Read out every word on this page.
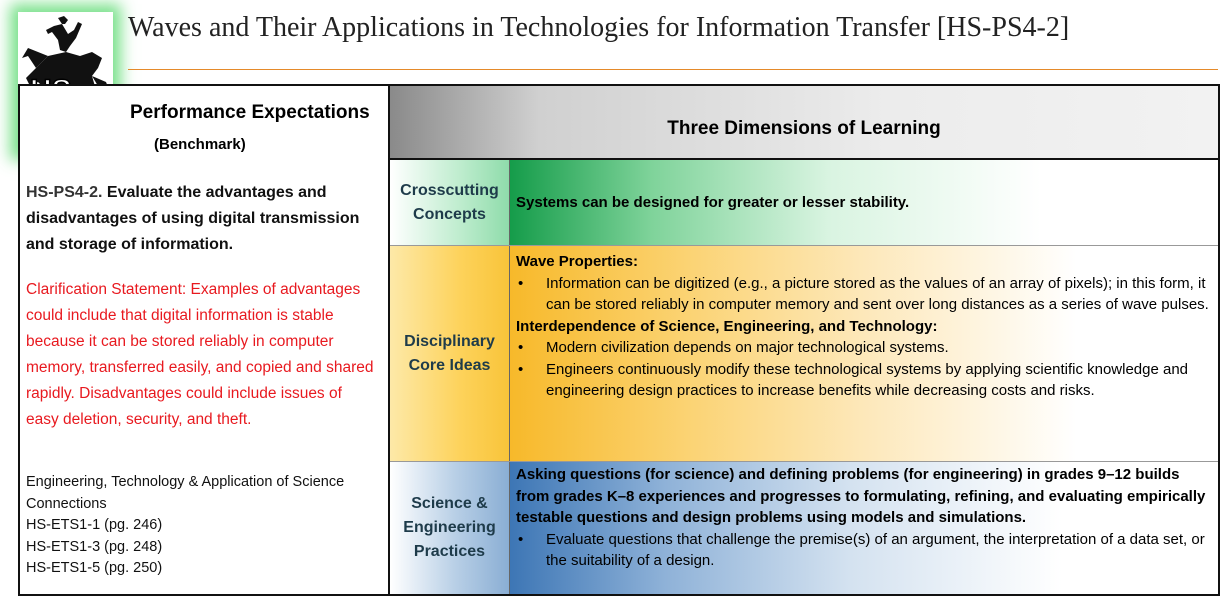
Waves and Their Applications in Technologies for Information Transfer [HS-PS4-2]
Performance Expectations
(Benchmark)
Three Dimensions of Learning
HS-PS4-2. Evaluate the advantages and disadvantages of using digital transmission and storage of information.
Clarification Statement: Examples of advantages could include that digital information is stable because it can be stored reliably in computer memory, transferred easily, and copied and shared rapidly. Disadvantages could include issues of easy deletion, security, and theft.
Engineering, Technology & Application of Science Connections
HS-ETS1-1 (pg. 246)
HS-ETS1-3 (pg. 248)
HS-ETS1-5 (pg. 250)
Crosscutting Concepts
Systems can be designed for greater or lesser stability.
Disciplinary Core Ideas
Wave Properties:
• Information can be digitized (e.g., a picture stored as the values of an array of pixels); in this form, it can be stored reliably in computer memory and sent over long distances as a series of wave pulses.
Interdependence of Science, Engineering, and Technology:
• Modern civilization depends on major technological systems.
• Engineers continuously modify these technological systems by applying scientific knowledge and engineering design practices to increase benefits while decreasing costs and risks.
Science & Engineering Practices
Asking questions (for science) and defining problems (for engineering) in grades 9–12 builds from grades K–8 experiences and progresses to formulating, refining, and evaluating empirically testable questions and design problems using models and simulations.
• Evaluate questions that challenge the premise(s) of an argument, the interpretation of a data set, or the suitability of a design.
